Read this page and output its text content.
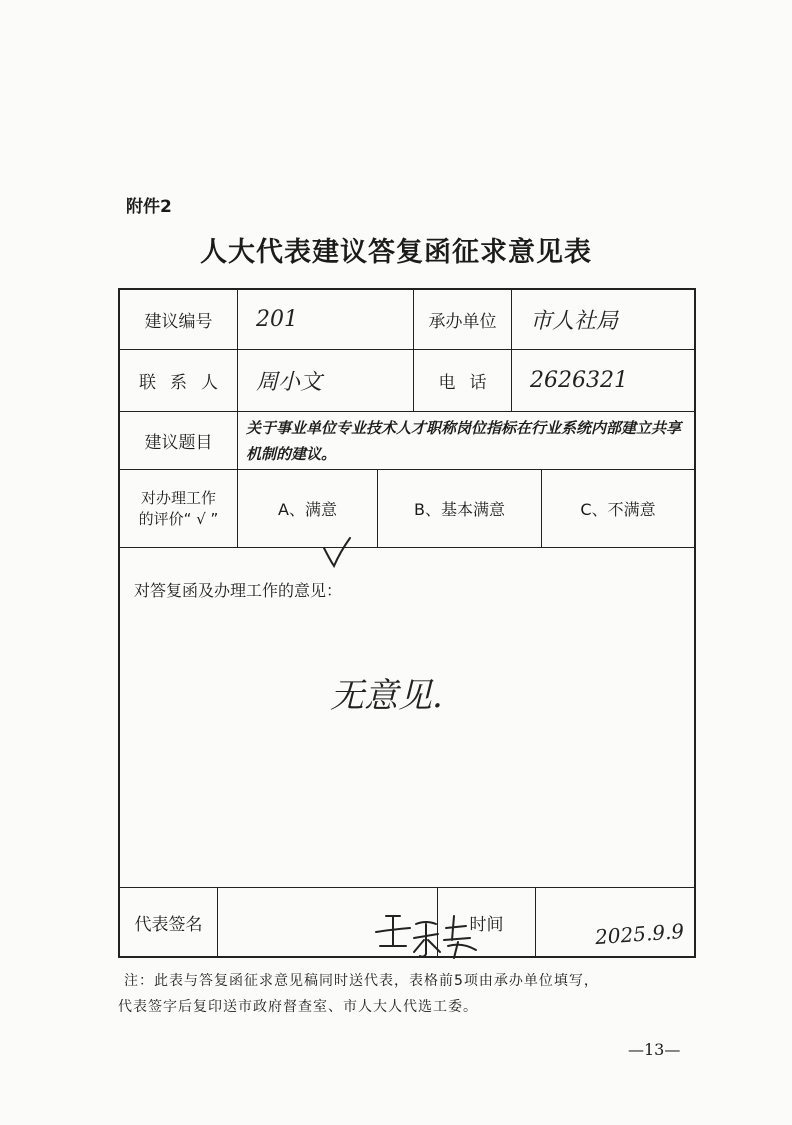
附件2
人大代表建议答复函征求意见表
建议编号	201	承办单位	市人社局
联系人	周小文	电话	2626321
建议题目
关于事业单位专业技术人才职称岗位指标在行业系统内部建立共享机制的建议。
对办理工作
的评价“ √ ”	A、满意	B、基本满意	C、不满意
对答复函及办理工作的意见：
无意见.
代表签名	时间	2025.9.9
注：此表与答复函征求意见稿同时送代表，表格前5项由承办单位填写，
代表签字后复印送市政府督查室、市人大人代选工委。
—13—
